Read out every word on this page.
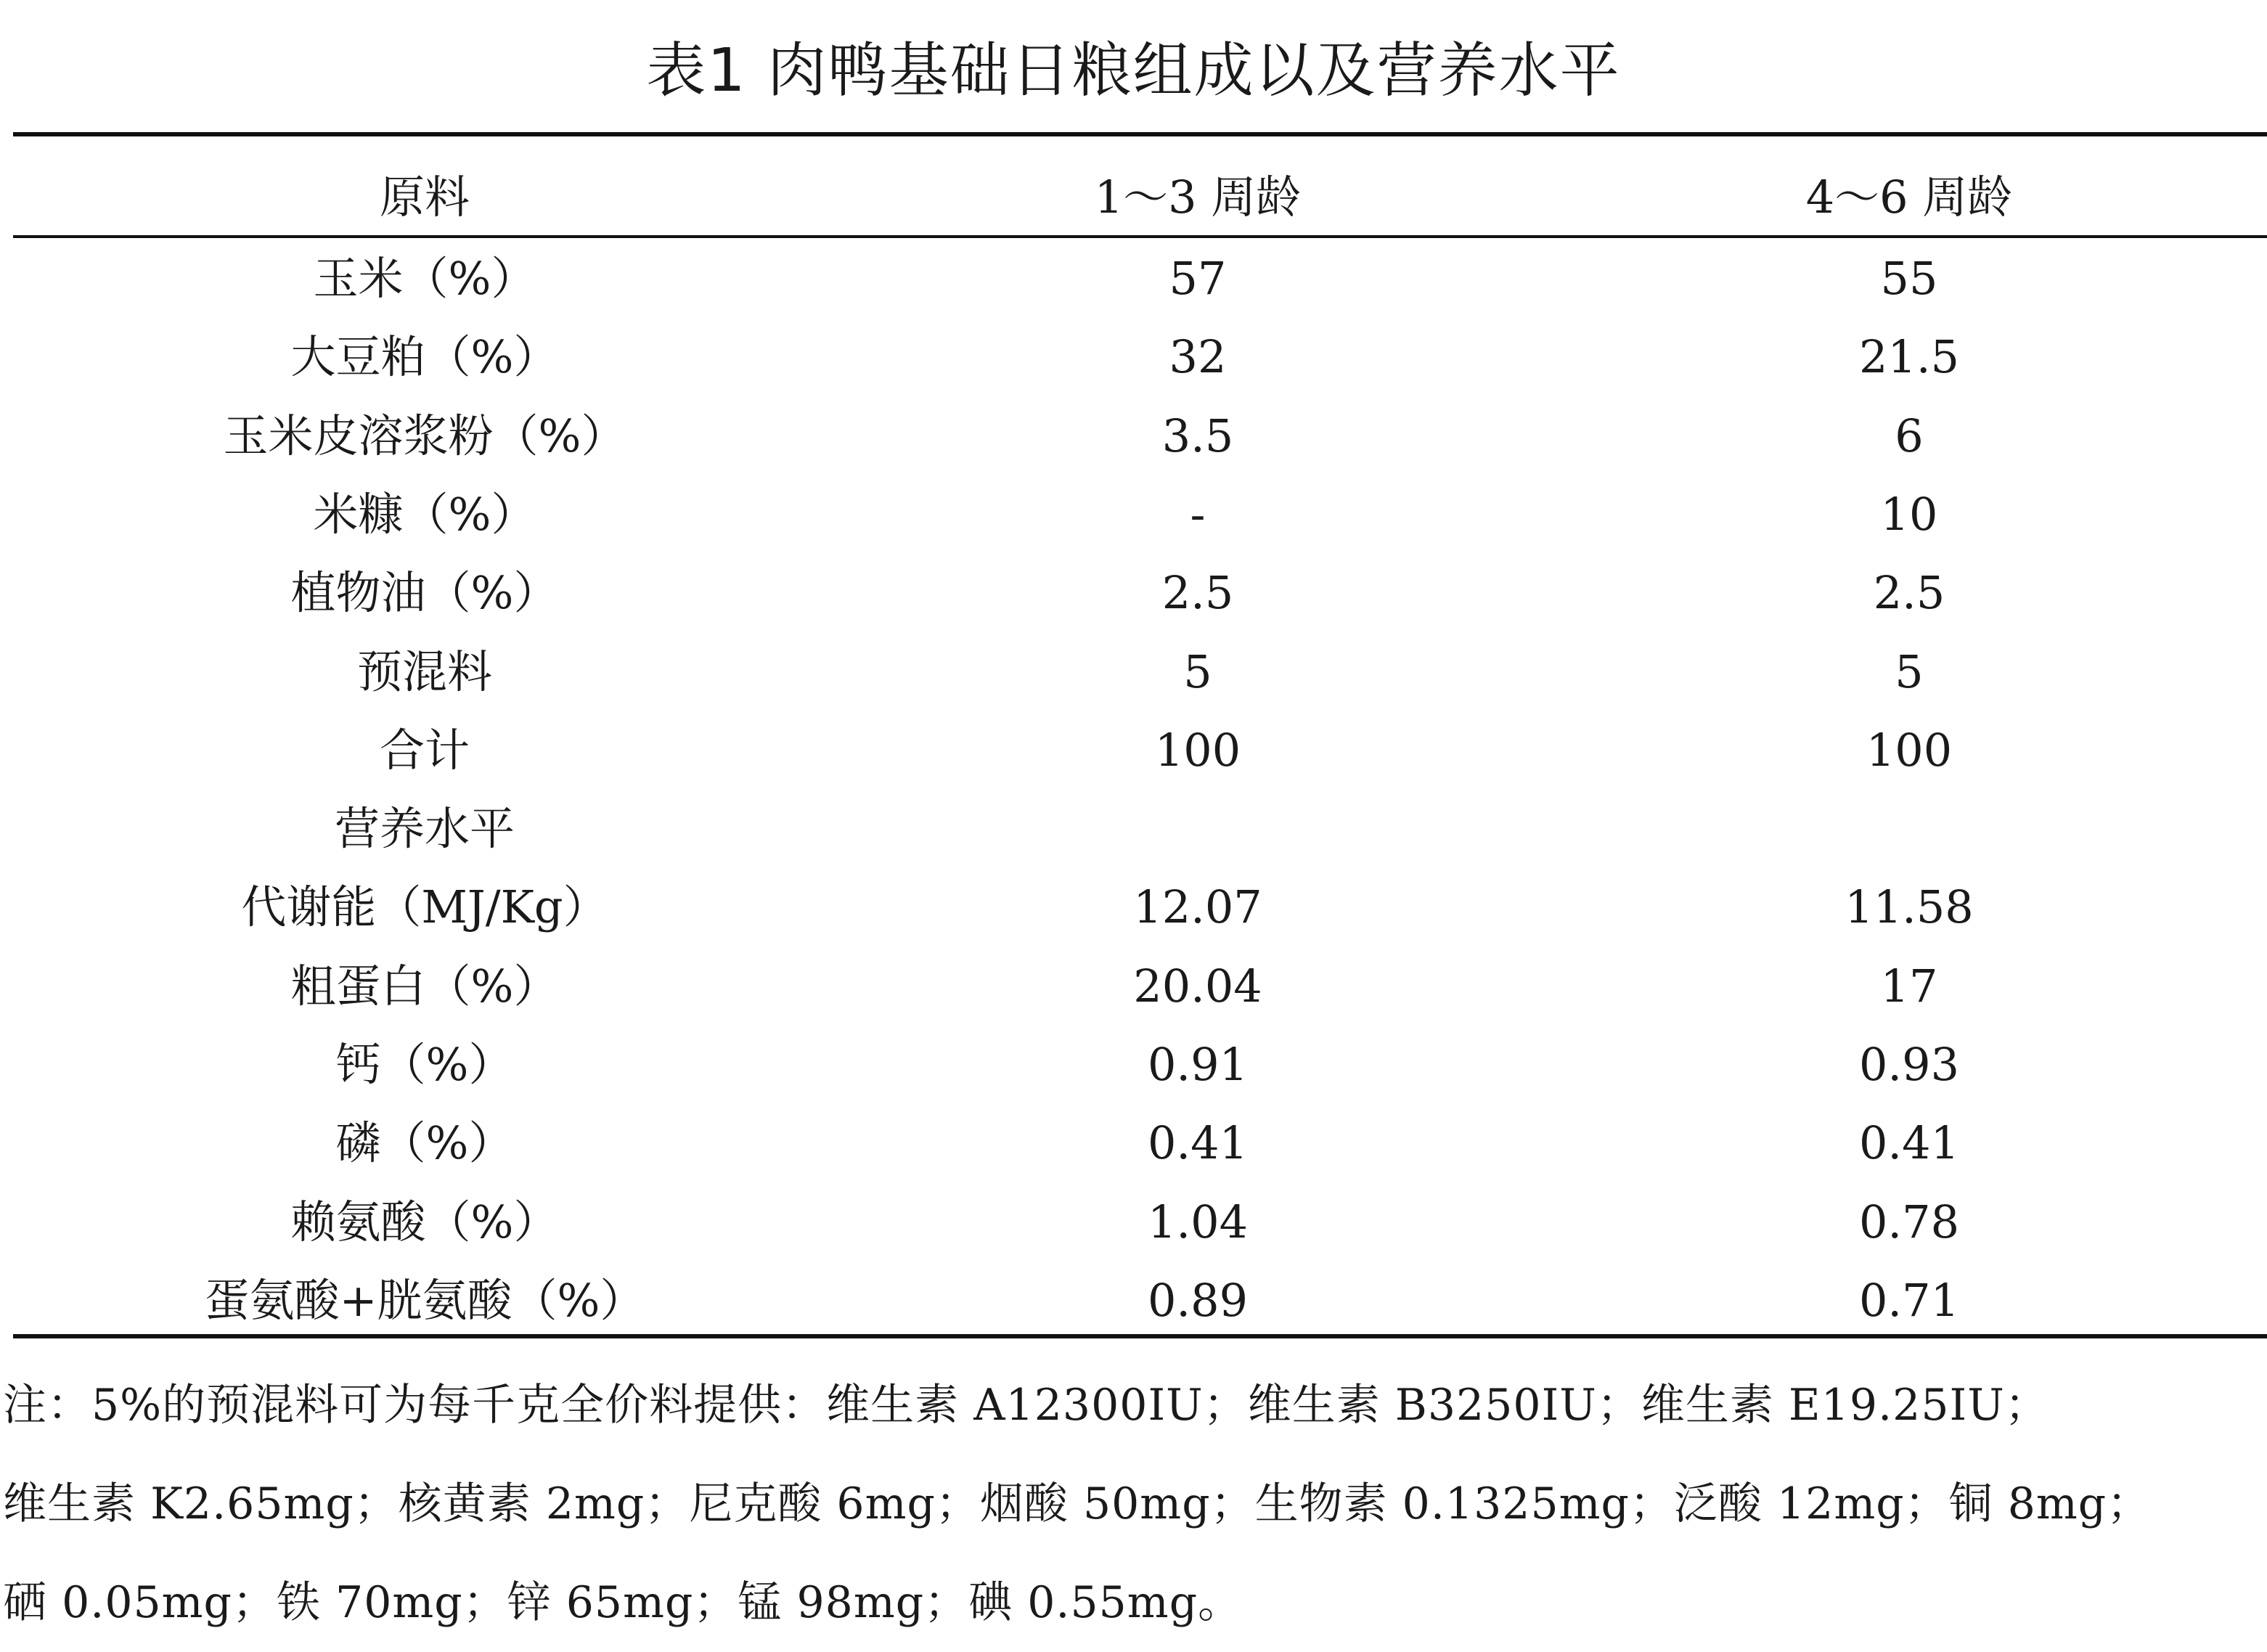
表1 肉鸭基础日粮组成以及营养水平
原料	1～3 周龄	4～6 周龄
玉米（%）	57	55
大豆粕（%）	32	21.5
玉米皮溶浆粉（%）	3.5	6
米糠（%）	-	10
植物油（%）	2.5	2.5
预混料	5	5
合计	100	100
营养水平
代谢能（MJ/Kg）	12.07	11.58
粗蛋白（%）	20.04	17
钙（%）	0.91	0.93
磷（%）	0.41	0.41
赖氨酸（%）	1.04	0.78
蛋氨酸+胱氨酸（%）	0.89	0.71
注：5%的预混料可为每千克全价料提供：维生素 A12300IU；维生素 B3250IU；维生素 E19.25IU；
维生素 K2.65mg；核黄素 2mg；尼克酸 6mg；烟酸 50mg；生物素 0.1325mg；泛酸 12mg；铜 8mg；
硒 0.05mg；铁 70mg；锌 65mg；锰 98mg；碘 0.55mg。
